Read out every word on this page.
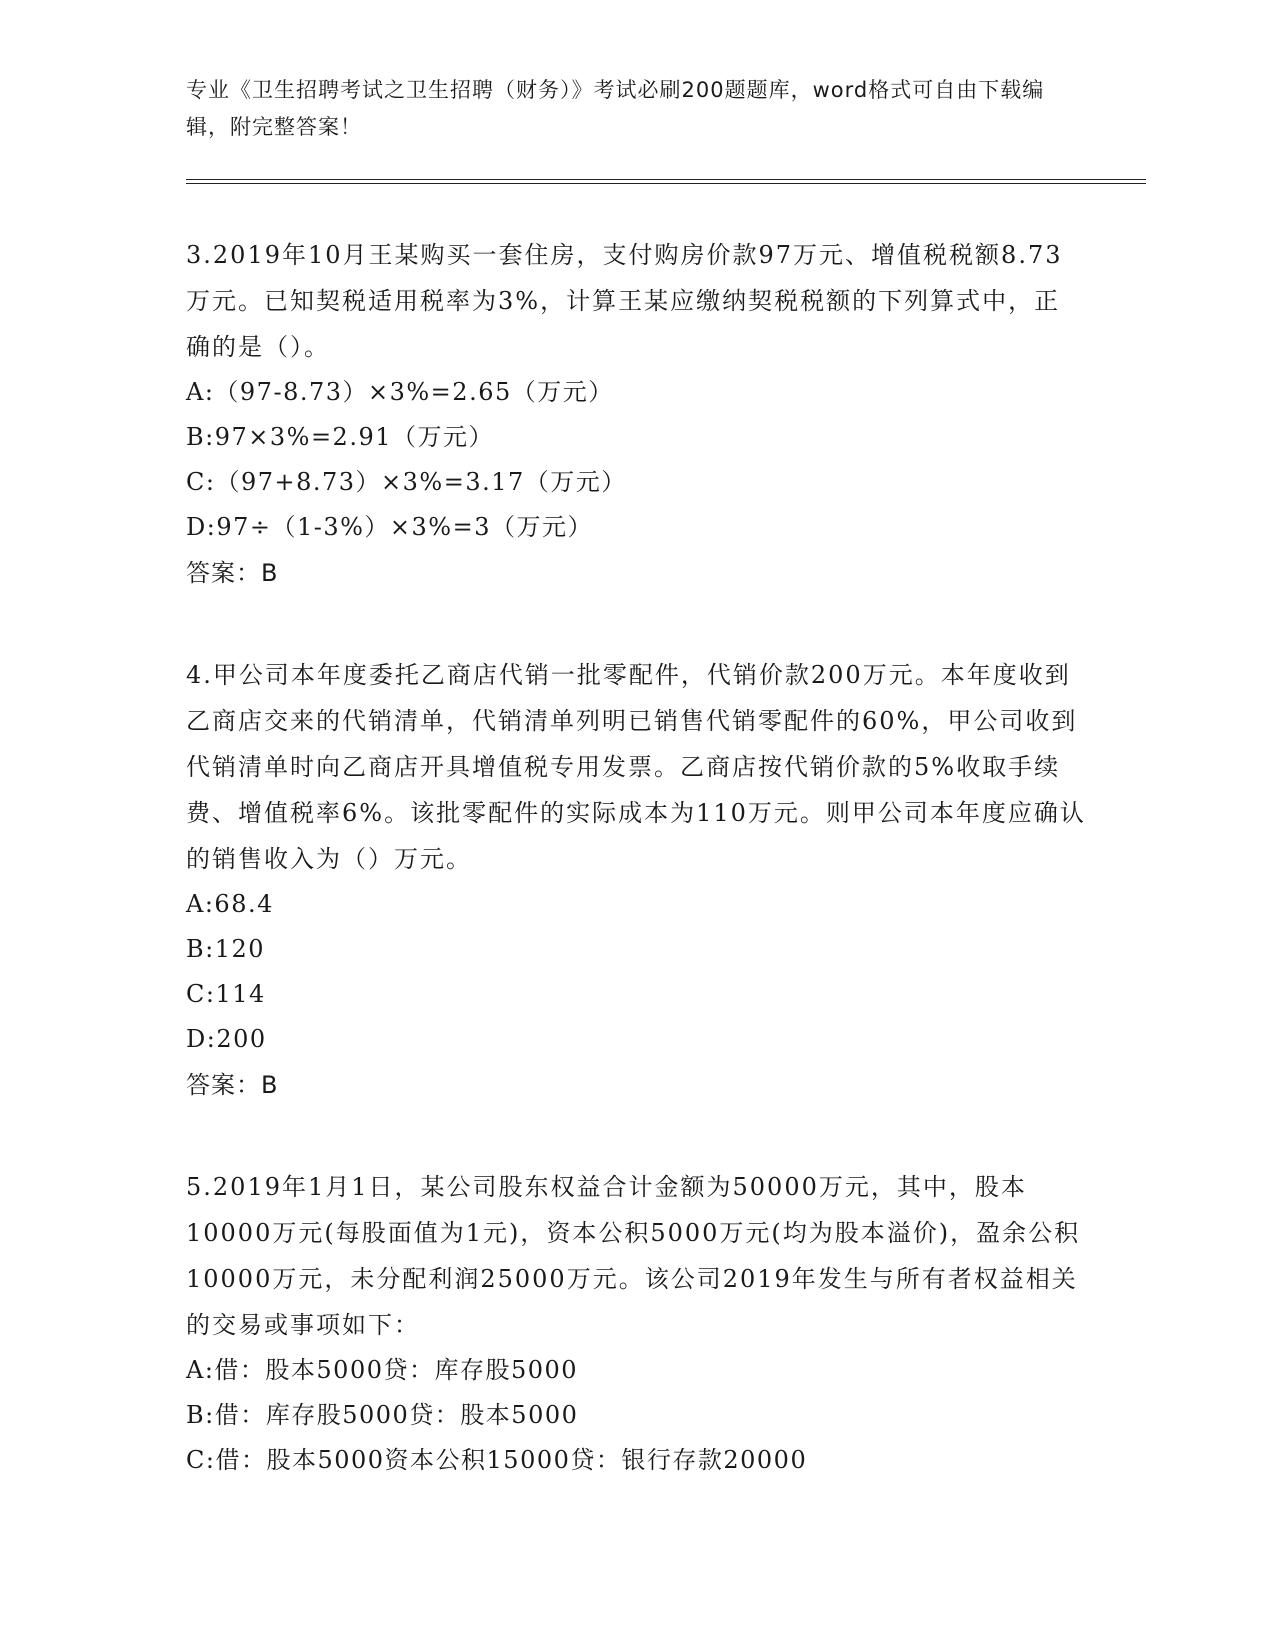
专业《卫生招聘考试之卫生招聘（财务）》考试必刷200题题库，word格式可自由下载编辑，附完整答案！

3.2019年10月王某购买一套住房，支付购房价款97万元、增值税税额8.73万元。已知契税适用税率为3%，计算王某应缴纳契税税额的下列算式中，正确的是（）。

A:（97-8.73）×3%=2.65（万元）

B:97×3%=2.91（万元）

C:（97+8.73）×3%=3.17（万元）

D:97÷（1-3%）×3%=3（万元）

答案：B

4.甲公司本年度委托乙商店代销一批零配件，代销价款200万元。本年度收到乙商店交来的代销清单，代销清单列明已销售代销零配件的60%，甲公司收到代销清单时向乙商店开具增值税专用发票。乙商店按代销价款的5%收取手续费、增值税率6%。该批零配件的实际成本为110万元。则甲公司本年度应确认的销售收入为（）万元。

A:68.4

B:120

C:114

D:200

答案：B

5.2019年1月1日，某公司股东权益合计金额为50000万元，其中，股本10000万元(每股面值为1元)，资本公积5000万元(均为股本溢价)，盈余公积10000万元，未分配利润25000万元。该公司2019年发生与所有者权益相关的交易或事项如下：

A:借：股本5000贷：库存股5000

B:借：库存股5000贷：股本5000

C:借：股本5000资本公积15000贷：银行存款20000
